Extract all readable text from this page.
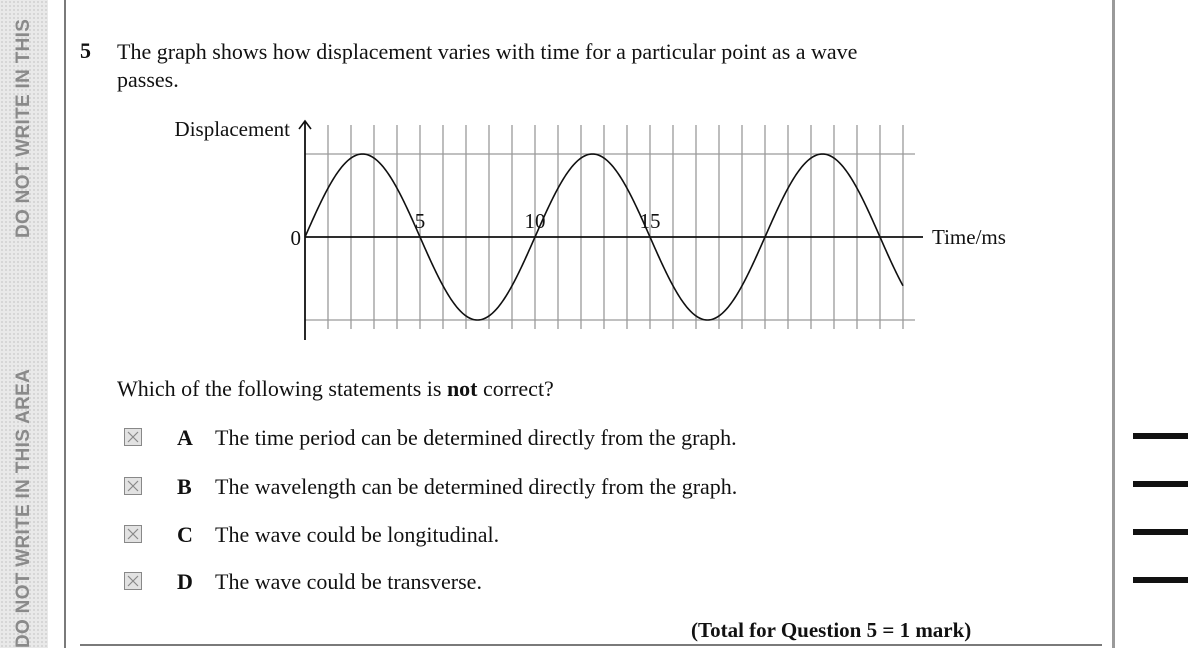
DO NOT WRITE IN THIS
DO NOT WRITE IN THIS AREA
5 The graph shows how displacement varies with time for a particular point as a wave passes.
5	10	15
Displacement
Time/ms
0
Which of the following statements is not correct?
A The time period can be determined directly from the graph.
B The wavelength can be determined directly from the graph.
C The wave could be longitudinal.
D The wave could be transverse.
(Total for Question 5 = 1 mark)
